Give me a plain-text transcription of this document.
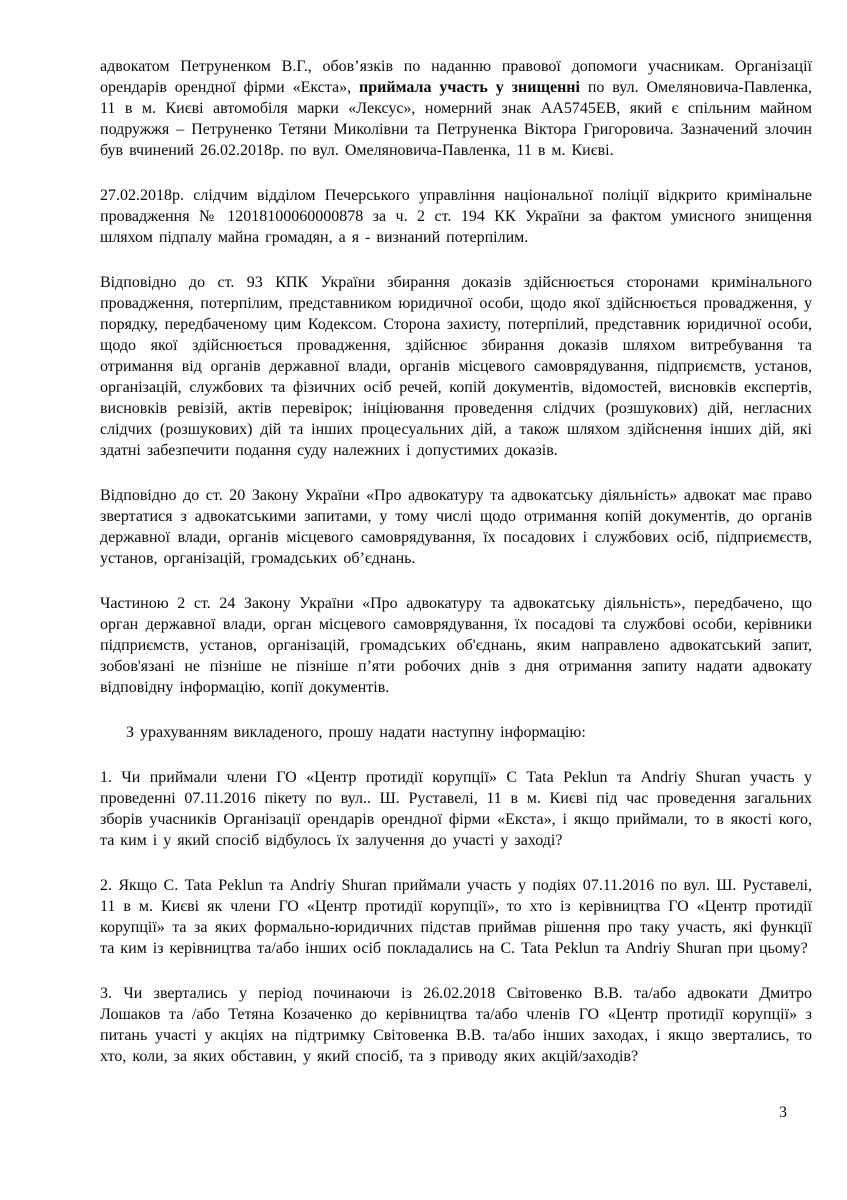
адвокатом Петруненком В.Г., обов’язків по наданню правової допомоги учасникам. Організації орендарів орендної фірми «Екста», приймала участь у знищенні по вул. Омеляновича-Павленка, 11 в м. Києві автомобіля марки «Лексус», номерний знак АА5745ЕВ, який є спільним майном подружжя – Петруненко Тетяни Миколівни та Петруненка Віктора Григоровича. Зазначений злочин був вчинений 26.02.2018р. по вул. Омеляновича-Павленка, 11 в м. Києві.

27.02.2018р. слідчим відділом Печерського управління національної поліції відкрито кримінальне провадження № 12018100060000878 за ч. 2 ст. 194 КК України за фактом умисного знищення шляхом підпалу майна громадян, а я - визнаний потерпілим.

Відповідно до ст. 93 КПК України збирання доказів здійснюється сторонами кримінального провадження, потерпілим, представником юридичної особи, щодо якої здійснюється провадження, у порядку, передбаченому цим Кодексом. Сторона захисту, потерпілий, представник юридичної особи, щодо якої здійснюється провадження, здійснює збирання доказів шляхом витребування та отримання від органів державної влади, органів місцевого самоврядування, підприємств, установ, організацій, службових та фізичних осіб речей, копій документів, відомостей, висновків експертів, висновків ревізій, актів перевірок; ініціювання проведення слідчих (розшукових) дій, негласних слідчих (розшукових) дій та інших процесуальних дій, а також шляхом здійснення інших дій, які здатні забезпечити подання суду належних і допустимих доказів.

Відповідно до ст. 20 Закону України «Про адвокатуру та адвокатську діяльність» адвокат має право звертатися з адвокатськими запитами, у тому числі щодо отримання копій документів, до органів державної влади, органів місцевого самоврядування, їх посадових і службових осіб, підприємєств, установ, організацій, громадських об’єднань.

Частиною 2 ст. 24 Закону України «Про адвокатуру та адвокатську діяльність», передбачено, що орган державної влади, орган місцевого самоврядування, їх посадові та службові особи, керівники підприємств, установ, організацій, громадських об'єднань, яким направлено адвокатський запит, зобов'язані не пізніше не пізніше п’яти робочих днів з дня отримання запиту надати адвокату відповідну інформацію, копії документів.

З урахуванням викладеного, прошу надати наступну інформацію:

1. Чи приймали члени ГО «Центр протидії корупції» С Tata Peklun та Andriy Shuran участь у проведенні 07.11.2016 пікету по вул.. Ш. Руставелі, 11 в м. Києві під час проведення загальних зборів учасників Організації орендарів орендної фірми «Екста», і якщо приймали, то в якості кого, та ким і у який спосіб відбулось їх залучення до участі у заході?

2. Якщо С. Tata Peklun та Andriy Shuran приймали участь у подіях 07.11.2016 по вул. Ш. Руставелі, 11 в м. Києві як члени ГО «Центр протидії корупції», то хто із керівництва ГО «Центр протидії корупції» та за яких формально-юридичних підстав приймав рішення про таку участь, які функції та ким із керівництва та/або інших осіб покладались на С. Tata Peklun та Andriy Shuran при цьому?

3. Чи звертались у період починаючи із 26.02.2018 Світовенко В.В. та/або адвокати Дмитро Лошаков та /або Тетяна Козаченко до керівництва та/або членів ГО «Центр протидії корупції» з питань участі у акціях на підтримку Світовенка В.В. та/або інших заходах, і якщо звертались, то хто, коли, за яких обставин, у який спосіб, та з приводу яких акцій/заходів?

3
